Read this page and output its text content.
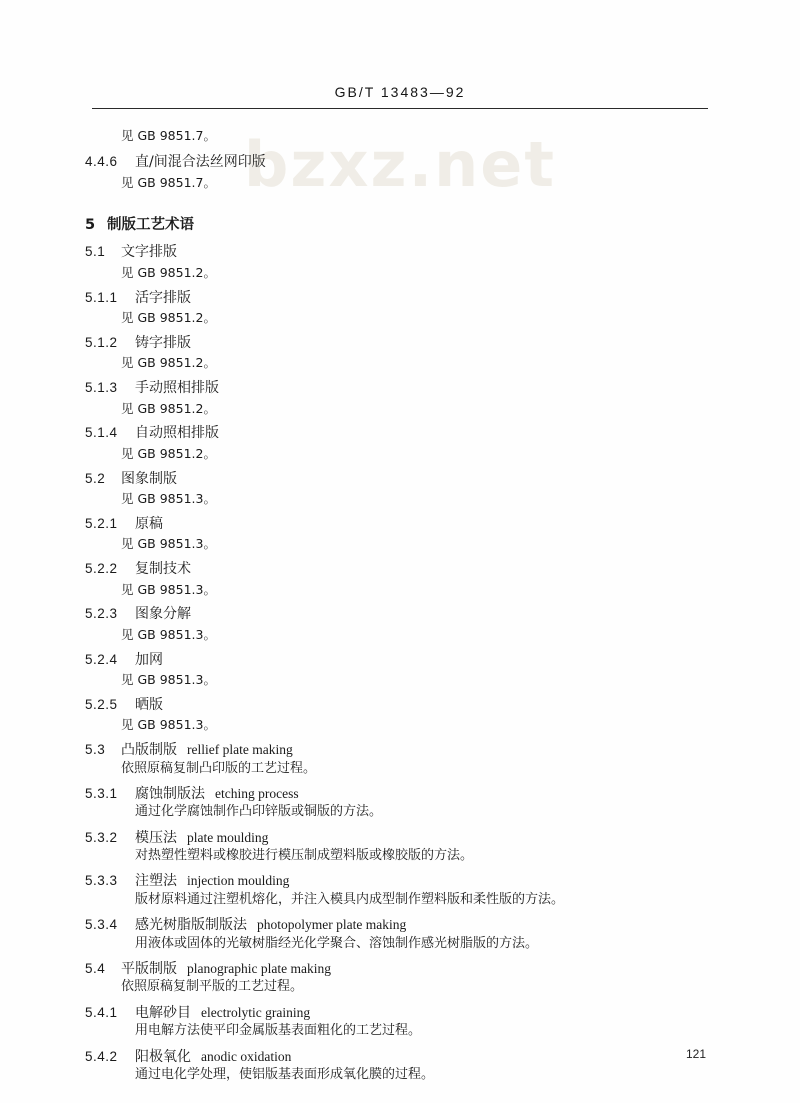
bzxz.net
GB/T 13483—92
见 GB 9851.7。
4.4.6 直/间混合法丝网印版
见 GB 9851.7。
5 制版工艺术语
5.1 文字排版
见 GB 9851.2。
5.1.1 活字排版
见 GB 9851.2。
5.1.2 铸字排版
见 GB 9851.2。
5.1.3 手动照相排版
见 GB 9851.2。
5.1.4 自动照相排版
见 GB 9851.2。
5.2 图象制版
见 GB 9851.3。
5.2.1 原稿
见 GB 9851.3。
5.2.2 复制技术
见 GB 9851.3。
5.2.3 图象分解
见 GB 9851.3。
5.2.4 加网
见 GB 9851.3。
5.2.5 晒版
见 GB 9851.3。
5.3 凸版制版 rellief plate making
依照原稿复制凸印版的工艺过程。
5.3.1 腐蚀制版法 etching process
通过化学腐蚀制作凸印锌版或铜版的方法。
5.3.2 模压法 plate moulding
对热塑性塑料或橡胶进行模压制成塑料版或橡胶版的方法。
5.3.3 注塑法 injection moulding
版材原料通过注塑机熔化，并注入模具内成型制作塑料版和柔性版的方法。
5.3.4 感光树脂版制版法 photopolymer plate making
用液体或固体的光敏树脂经光化学聚合、溶蚀制作感光树脂版的方法。
5.4 平版制版 planographic plate making
依照原稿复制平版的工艺过程。
5.4.1 电解砂目 electrolytic graining
用电解方法使平印金属版基表面粗化的工艺过程。
5.4.2 阳极氧化 anodic oxidation
通过电化学处理，使铝版基表面形成氧化膜的过程。
121
